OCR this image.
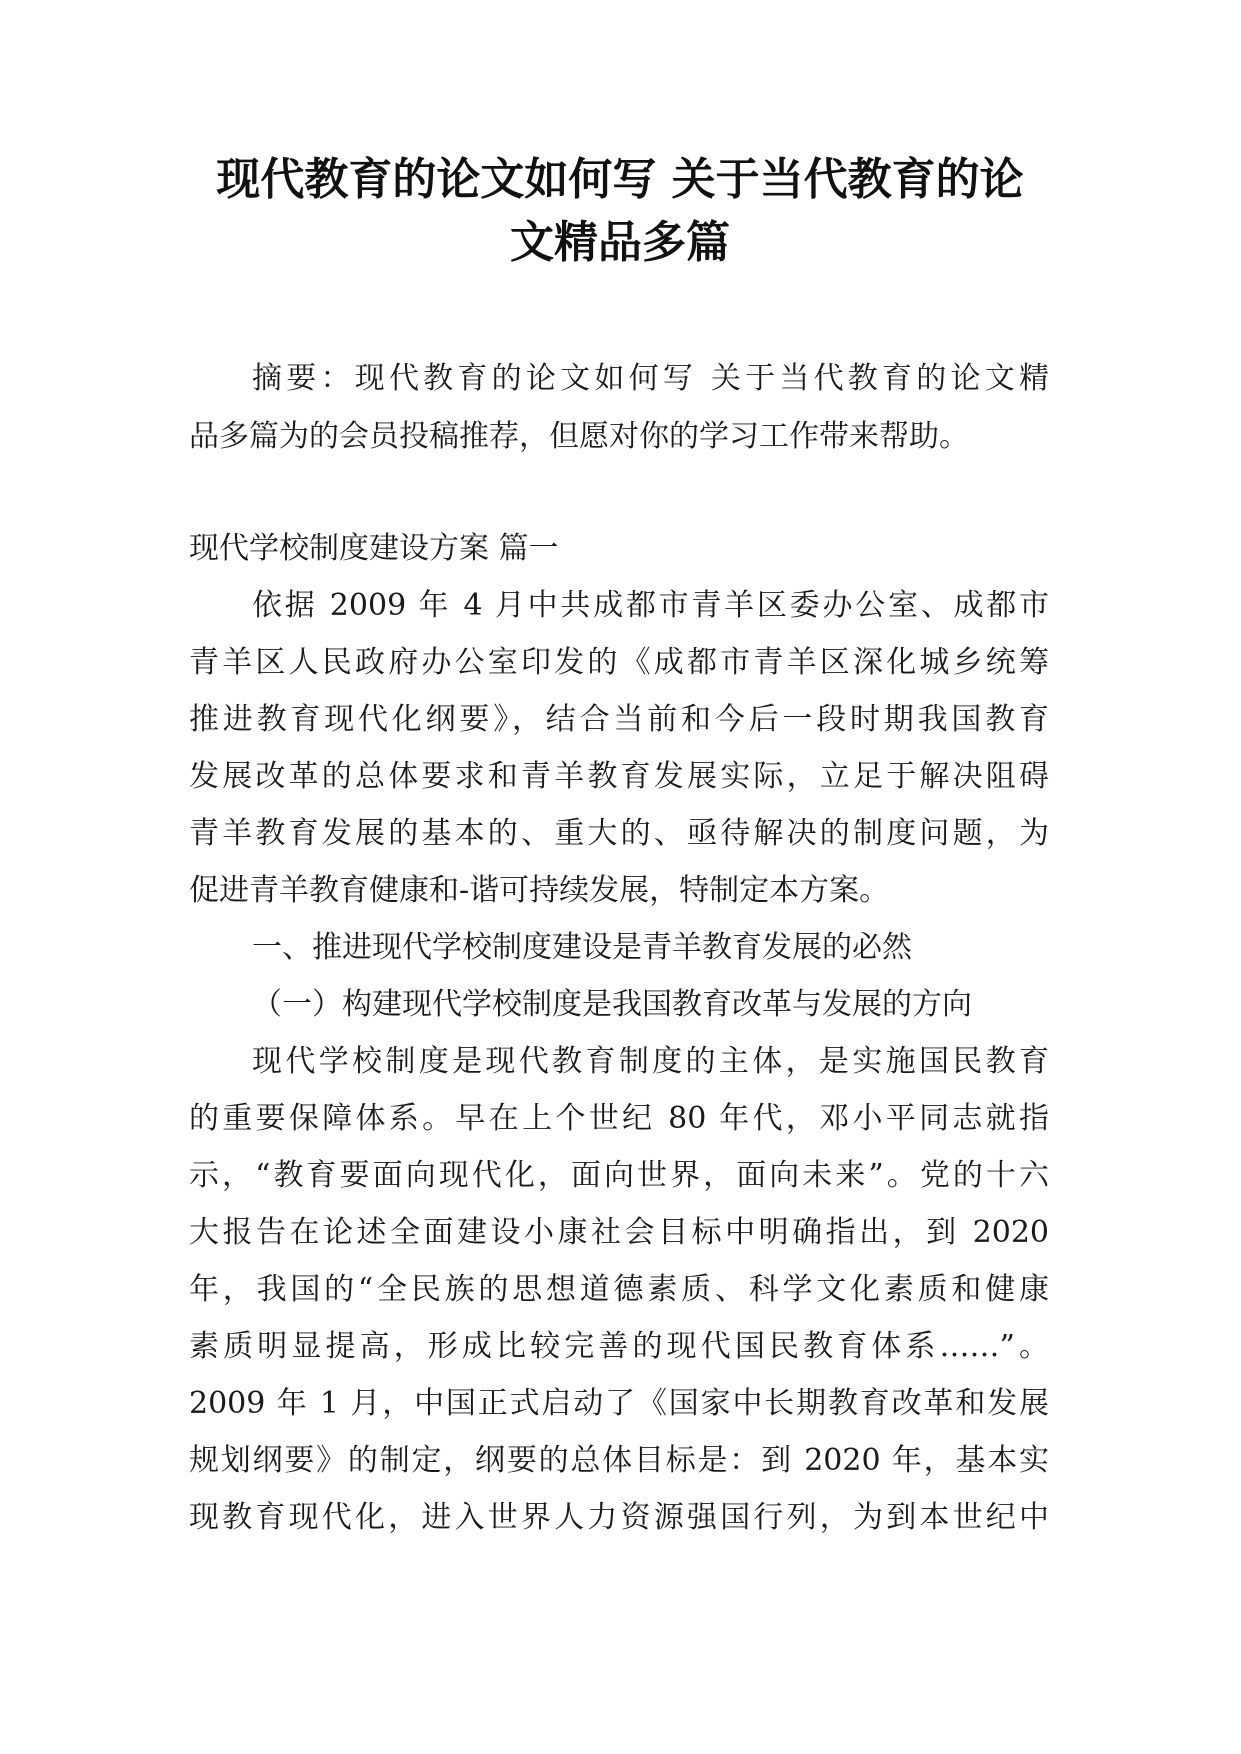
现代教育的论文如何写 关于当代教育的论
文精品多篇
摘要：现代教育的论文如何写 关于当代教育的论文精
品多篇为的会员投稿推荐，但愿对你的学习工作带来帮助。
现代学校制度建设方案 篇一
依据 2009 年 4 月中共成都市青羊区委办公室、成都市
青羊区人民政府办公室印发的《成都市青羊区深化城乡统筹
推进教育现代化纲要》，结合当前和今后一段时期我国教育
发展改革的总体要求和青羊教育发展实际，立足于解决阻碍
青羊教育发展的基本的、重大的、亟待解决的制度问题，为
促进青羊教育健康和-谐可持续发展，特制定本方案。
一、推进现代学校制度建设是青羊教育发展的必然
（一）构建现代学校制度是我国教育改革与发展的方向
现代学校制度是现代教育制度的主体，是实施国民教育
的重要保障体系。早在上个世纪 80 年代，邓小平同志就指
示，“教育要面向现代化，面向世界，面向未来”。党的十六
大报告在论述全面建设小康社会目标中明确指出，到 2020
年，我国的“全民族的思想道德素质、科学文化素质和健康
素质明显提高，形成比较完善的现代国民教育体系……”。
2009 年 1 月，中国正式启动了《国家中长期教育改革和发展
规划纲要》的制定，纲要的总体目标是：到 2020 年，基本实
现教育现代化，进入世界人力资源强国行列，为到本世纪中
